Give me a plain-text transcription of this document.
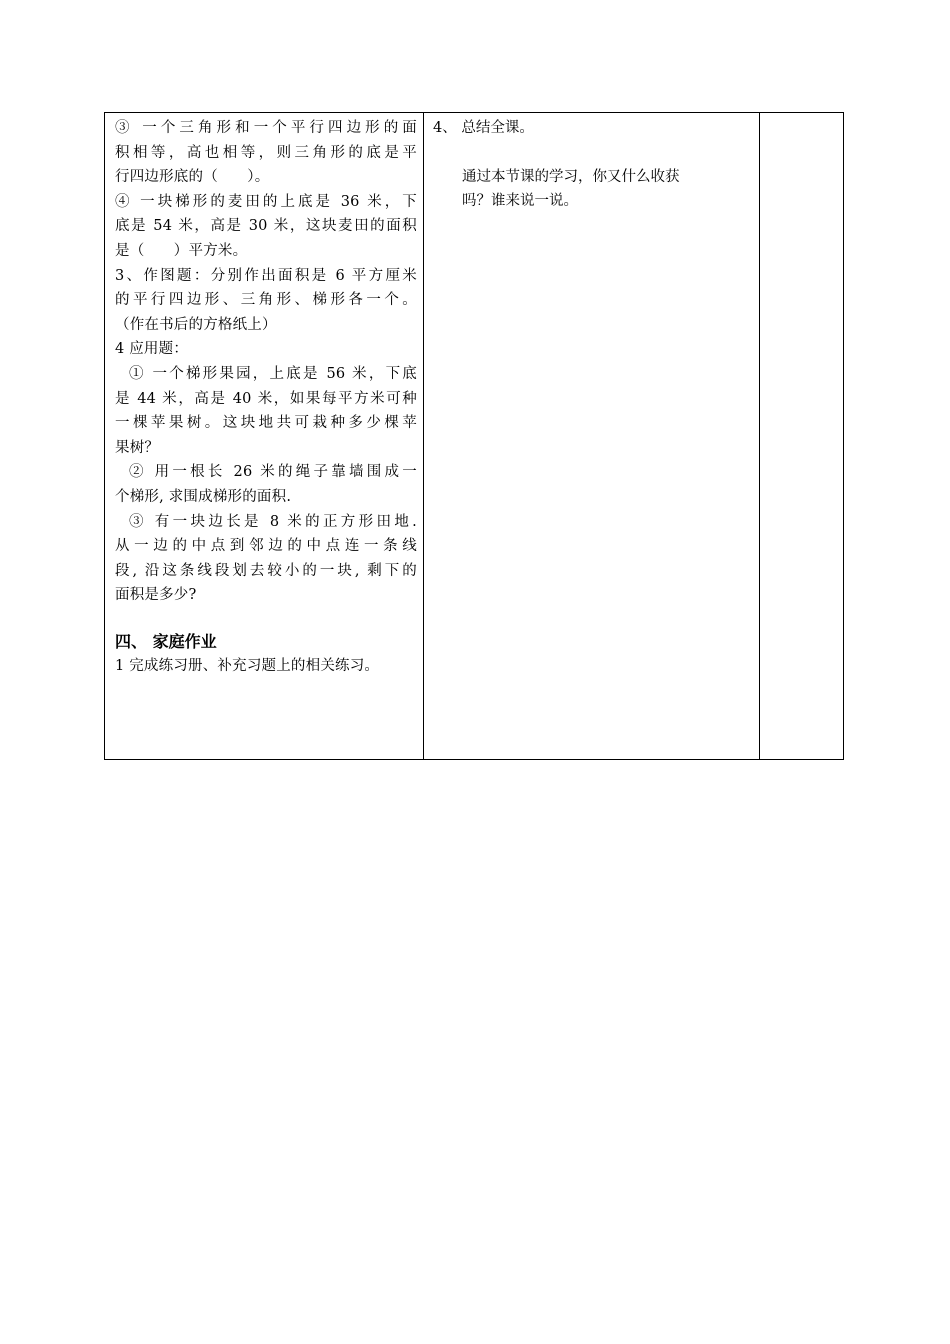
③ 一个三角形和一个平行四边形的面
积相等，高也相等，则三角形的底是平
行四边形底的（　　）。
④ 一块梯形的麦田的上底是 36 米，下
底是 54 米，高是 30 米，这块麦田的面积
是（　　）平方米。
3、作图题：分别作出面积是 6 平方厘米
的平行四边形、三角形、梯形各一个。
（作在书后的方格纸上）
4 应用题：
① 一个梯形果园，上底是 56 米，下底
是 44 米，高是 40 米，如果每平方米可种
一棵苹果树。这块地共可栽种多少棵苹
果树？
② 用一根长 26 米的绳子靠墙围成一
个梯形, 求围成梯形的面积.
③ 有一块边长是 8 米的正方形田地.
从一边的中点到邻边的中点连一条线
段, 沿这条线段划去较小的一块, 剩下的
面积是多少?
四、 家庭作业
1 完成练习册、补充习题上的相关练习。
4、 总结全课。
通过本节课的学习，你又什么收获
吗？谁来说一说。
